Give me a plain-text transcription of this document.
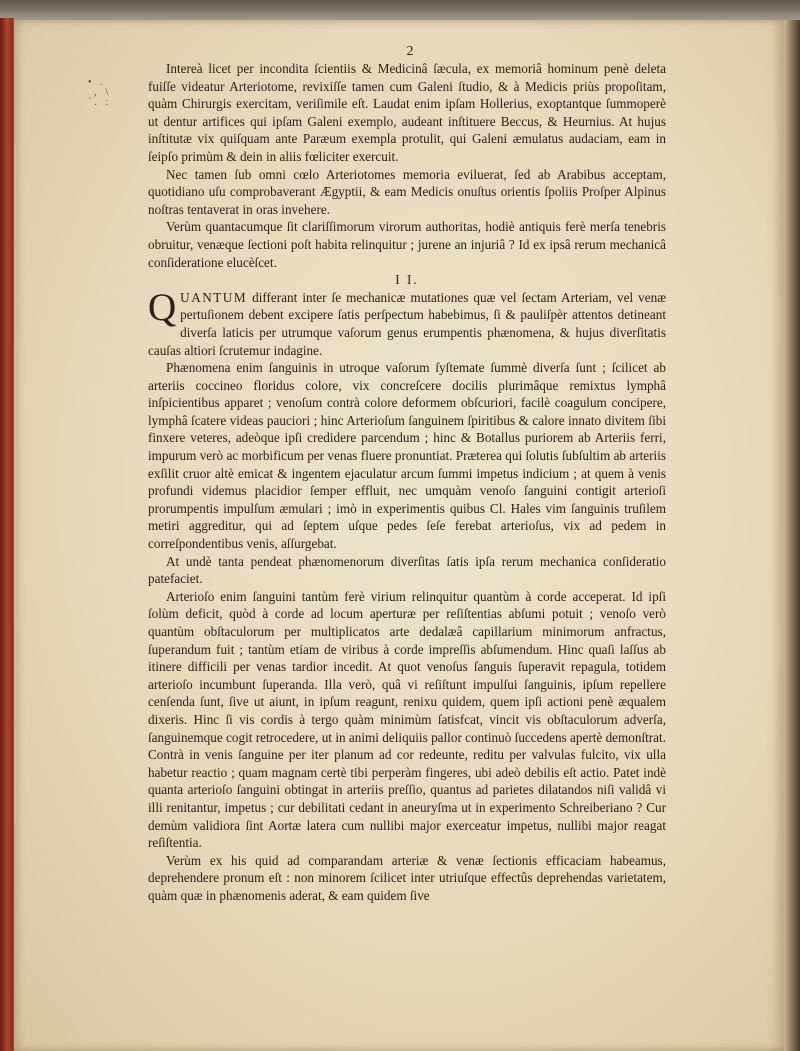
• .
‚ \
`. :
2

Intereà licet per incondita ſcientiis & Medicinâ ſæcula, ex memoriâ hominum penè deleta fuiſſe videatur Arteriotome, revixiſſe tamen cum Galeni ſtudio, & à Medicis priùs propoſitam, quàm Chirurgis exercitam, veriſimile eſt. Laudat enim ipſam Hollerius, exoptantque ſummoperè ut dentur artifices qui ipſam Galeni exemplo, audeant inſtituere Beccus, & Heurnius. At hujus inſtitutæ vix quiſquam ante Paræum exempla protulit, qui Galeni æmulatus audaciam, eam in ſeipſo primùm & dein in aliis fœliciter exercuit.

Nec tamen ſub omni cœlo Arteriotomes memoria eviluerat, ſed ab Arabibus acceptam, quotidiano uſu comprobaverant Ægyptii, & eam Medicis onuſtus orientis ſpoliis Proſper Alpinus noſtras tentaverat in oras invehere.

Verùm quantacumque ſit clariſſimorum virorum authoritas, hodiè antiquis ferè merſa tenebris obruitur, venæque ſectioni poſt habita relinquitur ; jurene an injuriâ ? Id ex ipsâ rerum mechanicâ conſideratione elucèſcet.

I I.

QUANTUM differant inter ſe mechanicæ mutationes quæ vel ſectam Arteriam, vel venæ pertuſionem debent excipere ſatis perſpectum habebimus, ſi & pauliſpèr attentos detineant diverſa laticis per utrumque vaſorum genus erumpentis phænomena, & hujus diverſitatis cauſas altiori ſcrutemur indagine.

Phænomena enim ſanguinis in utroque vaſorum ſyſtemate ſummè diverſa ſunt ; ſcilicet ab arteriis coccineo floridus colore, vix concreſcere docilis plurimâque remixtus lymphâ inſpicientibus apparet ; venoſum contrà colore deformem obſcuriori, facilè coagulum concipere, lymphâ ſcatere videas pauciori ; hinc Arterioſum ſanguinem ſpiritibus & calore innato divitem ſibi finxere veteres, adeòque ipſi credidere parcendum ; hinc & Botallus puriorem ab Arteriis ferri, impurum verò ac morbificum per venas fluere pronuntiat. Præterea qui ſolutis ſubſultim ab arteriis exſilit cruor altè emicat & ingentem ejaculatur arcum ſummi impetus indicium ; at quem à venis profundi videmus placidior ſemper effluit, nec umquàm venoſo ſanguini contigit arterioſi prorumpentis impulſum æmulari ; imò in experimentis quibus Cl. Hales vim ſanguinis truſilem metiri aggreditur, qui ad ſeptem uſque pedes ſeſe ferebat arterioſus, vix ad pedem in correſpondentibus venis, aſſurgebat.

At undè tanta pendeat phænomenorum diverſitas ſatis ipſa rerum mechanica conſideratio patefaciet.

Arterioſo enim ſanguini tantùm ferè virium relinquitur quantùm à corde acceperat. Id ipſi ſolùm deficit, quòd à corde ad locum aperturæ per reſiſtentias abſumi potuit ; venoſo verò quantùm obſtaculorum per multiplicatos arte dedalæâ capillarium minimorum anfractus, ſuperandum fuit ; tantùm etiam de viribus à corde impreſſis abſumendum. Hinc quaſi laſſus ab itinere difficili per venas tardior incedit. At quot venoſus ſanguis ſuperavit repagula, totidem arterioſo incumbunt ſuperanda. Illa verò, quâ vi reſiſtunt impulſui ſanguinis, ipſum repellere cenſenda ſunt, ſive ut aiunt, in ipſum reagunt, renixu quidem, quem ipſi actioni penè æqualem dixeris. Hinc ſi vis cordis à tergo quàm minimùm ſatisfcat, vincit vis obſtaculorum adverſa, ſanguinemque cogit retrocedere, ut in animi deliquiis pallor continuò ſuccedens apertè demonſtrat. Contrà in venis ſanguine per iter planum ad cor redeunte, reditu per valvulas fulcito, vix ulla habetur reactio ; quam magnam certè tibi perperàm fingeres, ubi adeò debilis eſt actio. Patet indè quanta arterioſo ſanguini obtingat in arteriis preſſio, quantus ad parietes dilatandos niſi validâ vi illi renitantur, impetus ; cur debilitati cedant in aneuryſma ut in experimento Schreiberiano ? Cur demùm validiora ſint Aortæ latera cum nullibi major exerceatur impetus, nullibi major reagat reſiſtentia.

Verùm ex his quid ad comparandam arteriæ & venæ ſectionis efficaciam habeamus, deprehendere pronum eſt : non minorem ſcilicet inter utriuſque effectûs deprehendas varietatem, quàm quæ in phænomenis aderat, & eam quidem ſive
